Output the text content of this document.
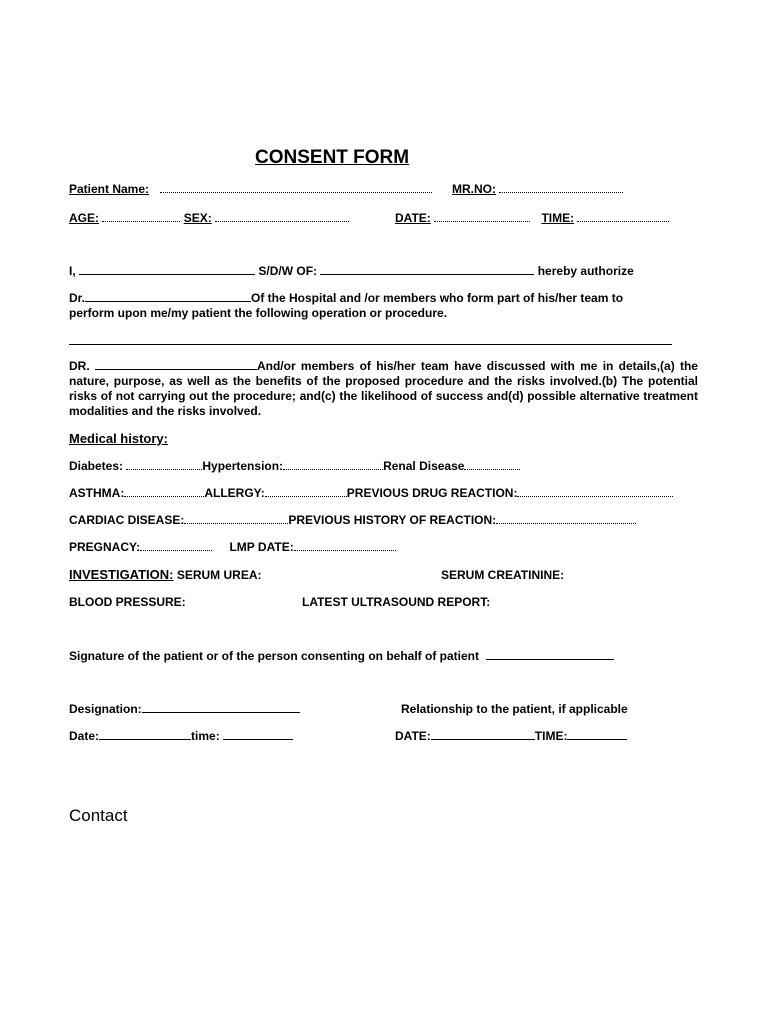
CONSENT FORM
Patient Name:	MR.NO:
AGE:	SEX:	DATE:	TIME:
I,	S/D/W OF:	hereby authorize
Dr.	Of the Hospital and /or members who form part of his/her team to
perform upon me/my patient the following operation or procedure.
DR.	And/or members of his/her team have discussed with me in details,(a) the nature, purpose, as well as the benefits of the proposed procedure and the risks involved.(b) The potential risks of not carrying out the procedure; and(c) the likelihood of success and(d) possible alternative treatment modalities and the risks involved.
Medical history:
Diabetes:	Hypertension:	Renal Disease
ASTHMA:	ALLERGY:	PREVIOUS DRUG REACTION:
CARDIAC DISEASE:	PREVIOUS HISTORY OF REACTION:
PREGNACY:	LMP DATE:
INVESTIGATION: SERUM UREA:	SERUM CREATININE:
BLOOD PRESSURE:	LATEST ULTRASOUND REPORT:
Signature of the patient or of the person consenting on behalf of patient
Designation:	Relationship to the patient, if applicable
Date:	time:	DATE:	TIME:
Contact
